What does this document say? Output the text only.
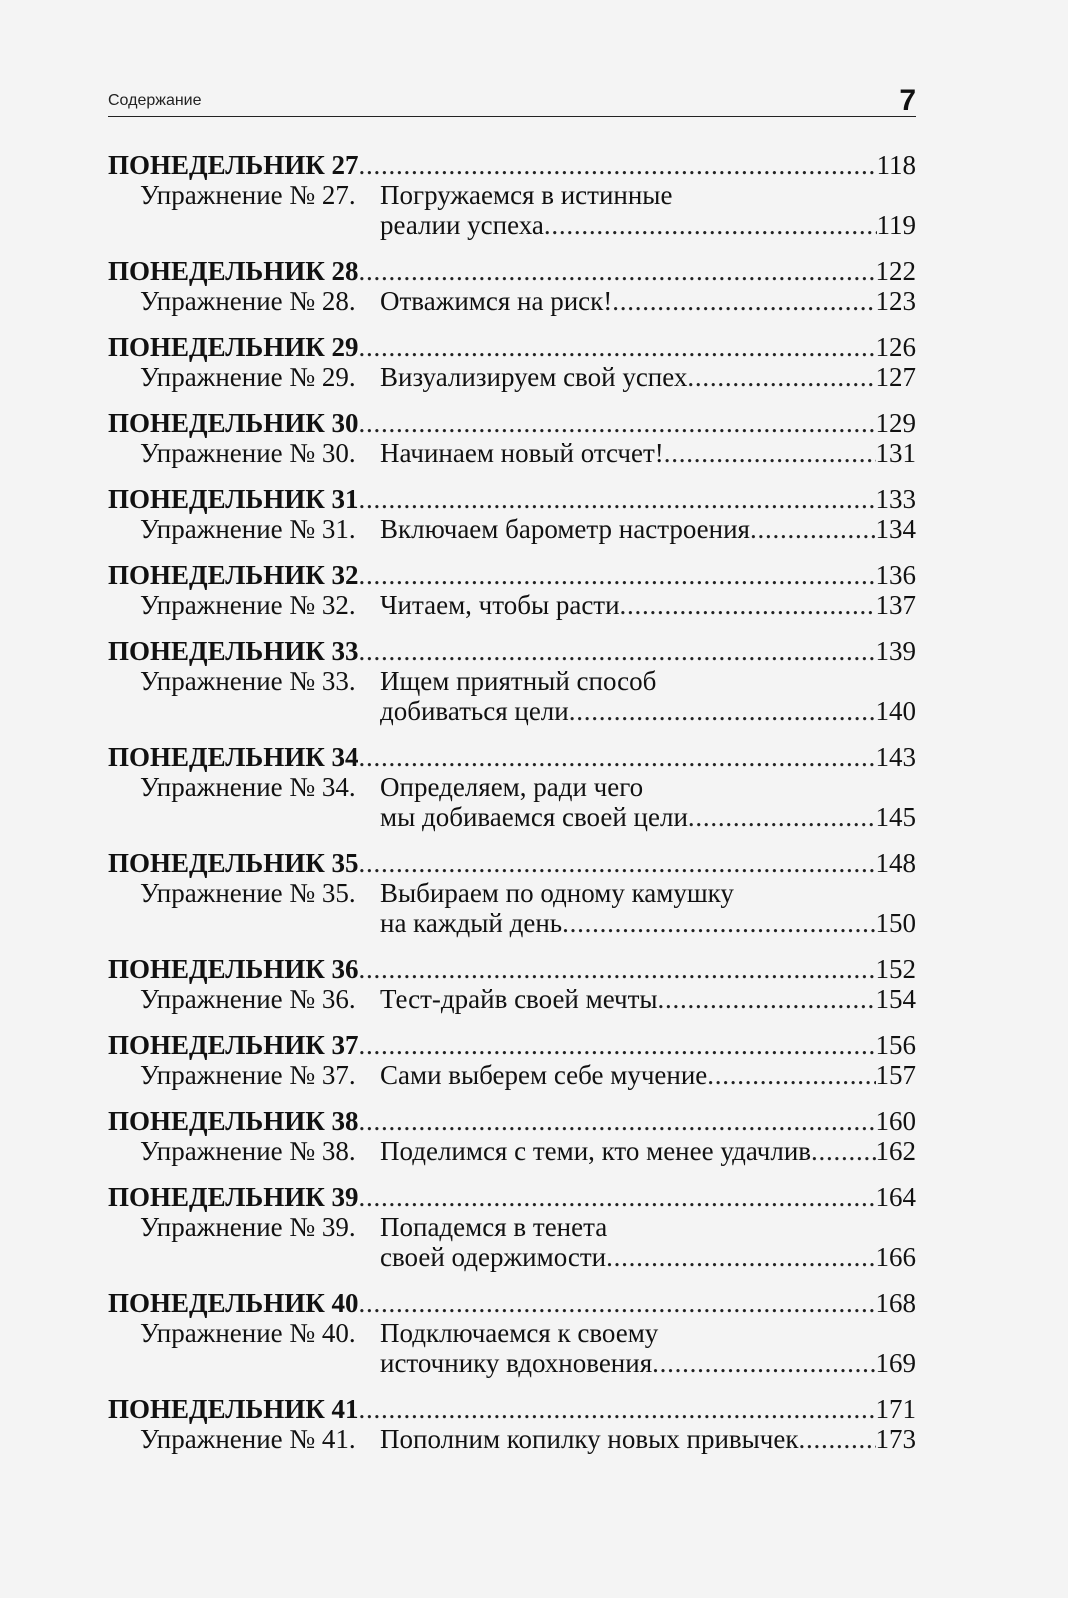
Содержание	7
ПОНЕДЕЛЬНИК 27 . . .	118
Упражнение № 27. Погружаемся в истинные
реалии успеха . . .	119
ПОНЕДЕЛЬНИК 28 . . .	122
Упражнение № 28. Отважимся на риск! . . .	123
ПОНЕДЕЛЬНИК 29 . . .	126
Упражнение № 29. Визуализируем свой успех . . .	127
ПОНЕДЕЛЬНИК 30 . . .	129
Упражнение № 30. Начинаем новый отсчет! . . .	131
ПОНЕДЕЛЬНИК 31 . . .	133
Упражнение № 31. Включаем барометр настроения . . .	134
ПОНЕДЕЛЬНИК 32 . . .	136
Упражнение № 32. Читаем, чтобы расти . . .	137
ПОНЕДЕЛЬНИК 33 . . .	139
Упражнение № 33. Ищем приятный способ
добиваться цели . . .	140
ПОНЕДЕЛЬНИК 34 . . .	143
Упражнение № 34. Определяем, ради чего
мы добиваемся своей цели . . .	145
ПОНЕДЕЛЬНИК 35 . . .	148
Упражнение № 35. Выбираем по одному камушку
на каждый день . . .	150
ПОНЕДЕЛЬНИК 36 . . .	152
Упражнение № 36. Тест-драйв своей мечты . . .	154
ПОНЕДЕЛЬНИК 37 . . .	156
Упражнение № 37. Сами выберем себе мучение . . .	157
ПОНЕДЕЛЬНИК 38 . . .	160
Упражнение № 38. Поделимся с теми, кто менее удачлив . . . 162
ПОНЕДЕЛЬНИК 39 . . .	164
Упражнение № 39. Попадемся в тенета
своей одержимости . . .	166
ПОНЕДЕЛЬНИК 40 . . .	168
Упражнение № 40. Подключаемся к своему
источнику вдохновения . . .	169
ПОНЕДЕЛЬНИК 41 . . .	171
Упражнение № 41. Пополним копилку новых привычек . . .	173
